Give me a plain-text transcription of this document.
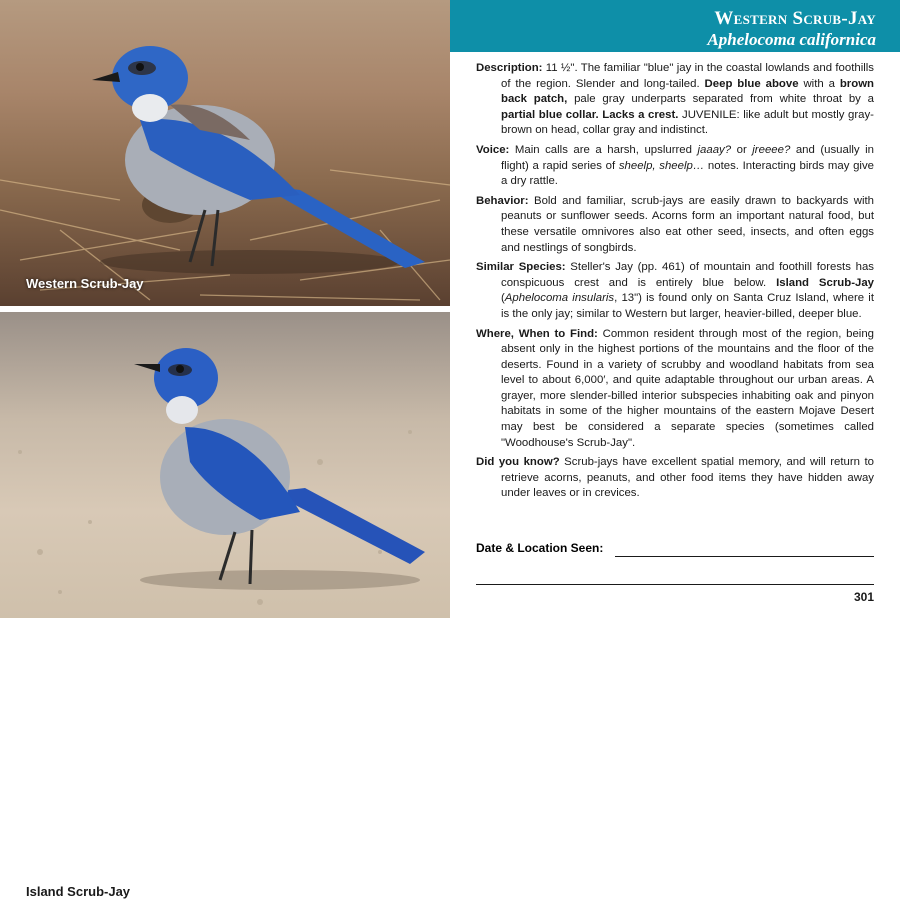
Western Scrub-Jay
Island Scrub-Jay
Western Scrub-Jay
Aphelocoma californica

Description: 11 ½". The familiar "blue" jay in the coastal lowlands and foothills of the region. Slender and long-tailed. Deep blue above with a brown back patch, pale gray underparts separated from white throat by a partial blue collar. Lacks a crest. JUVENILE: like adult but mostly gray-brown on head, collar gray and indistinct.

Voice: Main calls are a harsh, upslurred jaaay? or jreeee? and (usually in flight) a rapid series of sheelp, sheelp… notes. Interacting birds may give a dry rattle.

Behavior: Bold and familiar, scrub-jays are easily drawn to backyards with peanuts or sunflower seeds. Acorns form an important natural food, but these versatile omnivores also eat other seed, insects, and often eggs and nestlings of songbirds.

Similar Species: Steller's Jay (pp. 461) of mountain and foothill forests has conspicuous crest and is entirely blue below. Island Scrub-Jay (Aphelocoma insularis, 13") is found only on Santa Cruz Island, where it is the only jay; similar to Western but larger, heavier-billed, deeper blue.

Where, When to Find: Common resident through most of the region, being absent only in the highest portions of the mountains and the floor of the deserts. Found in a variety of scrubby and woodland habitats from sea level to about 6,000′, and quite adaptable throughout our urban areas. A grayer, more slender-billed interior subspecies inhabiting oak and pinyon habitats in some of the higher mountains of the eastern Mojave Desert may best be considered a separate species (sometimes called "Woodhouse's Scrub-Jay".

Did you know? Scrub-jays have excellent spatial memory, and will return to retrieve acorns, peanuts, and other food items they have hidden away under leaves or in crevices.

Date & Location Seen:
301
